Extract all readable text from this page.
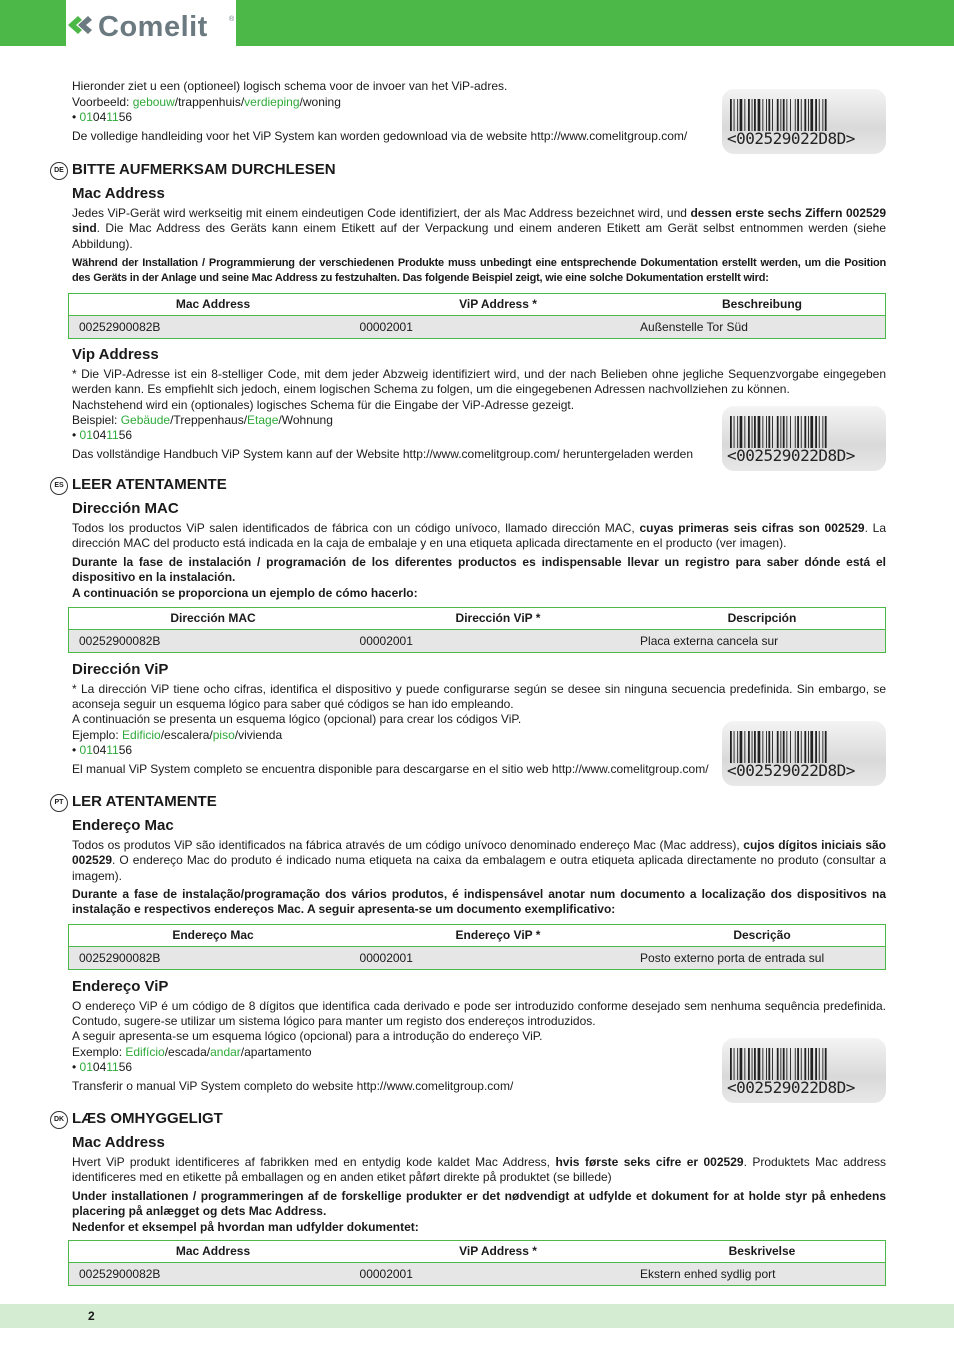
Comelit	®

Hieronder ziet u een (optioneel) logisch schema voor de invoer van het ViP-adres.

Voorbeeld: gebouw/trappenhuis/verdieping/woning

• 01041156

De volledige handleiding voor het ViP System kan worden gedownload via de website http://www.comelitgroup.com/	<002529022D8D>
DE BITTE AUFMERKSAM DURCHLESEN
Mac Address

Jedes ViP-Gerät wird werkseitig mit einem eindeutigen Code identifiziert, der als Mac Address bezeichnet wird, und dessen erste sechs Ziffern 002529 sind. Die Mac Address des Geräts kann einem Etikett auf der Verpackung und einem anderen Etikett am Gerät selbst entnommen werden (siehe Abbildung).

Während der Installation / Programmierung der verschiedenen Produkte muss unbedingt eine entsprechende Dokumentation erstellt werden, um die Position des Geräts in der Anlage und seine Mac Address zu festzuhalten. Das folgende Beispiel zeigt, wie eine solche Dokumentation erstellt wird:

Mac Address	ViP Address *	Beschreibung
00252900082B	00002001	Außenstelle Tor Süd
Vip Address

* Die ViP-Adresse ist ein 8-stelliger Code, mit dem jeder Abzweig identifiziert wird, und der nach Belieben ohne jegliche Sequenzvorgabe eingegeben werden kann. Es empfiehlt sich jedoch, einem logischen Schema zu folgen, um die eingegebenen Adressen nachvollziehen zu können.

Nachstehend wird ein (optionales) logisches Schema für die Eingabe der ViP-Adresse gezeigt.

Beispiel: Gebäude/Treppenhaus/Etage/Wohnung

• 01041156

Das vollständige Handbuch ViP System kann auf der Website http://www.comelitgroup.com/ heruntergeladen werden	<002529022D8D>
ES LEER ATENTAMENTE
Dirección MAC

Todos los productos ViP salen identificados de fábrica con un código unívoco, llamado dirección MAC, cuyas primeras seis cifras son 002529. La dirección MAC del producto está indicada en la caja de embalaje y en una etiqueta aplicada directamente en el producto (ver imagen).

Durante la fase de instalación / programación de los diferentes productos es indispensable llevar un registro para saber dónde está el dispositivo en la instalación.

A continuación se proporciona un ejemplo de cómo hacerlo:

Dirección MAC	Dirección ViP *	Descripción
00252900082B	00002001	Placa externa cancela sur
Dirección ViP

* La dirección ViP tiene ocho cifras, identifica el dispositivo y puede configurarse según se desee sin ninguna secuencia predefinida. Sin embargo, se aconseja seguir un esquema lógico para saber qué códigos se han ido empleando.

A continuación se presenta un esquema lógico (opcional) para crear los códigos ViP.

Ejemplo: Edificio/escalera/piso/vivienda

• 01041156

El manual ViP System completo se encuentra disponible para descargarse en el sitio web http://www.comelitgroup.com/	<002529022D8D>
PT LER ATENTAMENTE
Endereço Mac

Todos os produtos ViP são identificados na fábrica através de um código unívoco denominado endereço Mac (Mac address), cujos dígitos iniciais são 002529. O endereço Mac do produto é indicado numa etiqueta na caixa da embalagem e outra etiqueta aplicada directamente no produto (consultar a imagem).

Durante a fase de instalação/programação dos vários produtos, é indispensável anotar num documento a localização dos dispositivos na instalação e respectivos endereços Mac. A seguir apresenta-se um documento exemplificativo:

Endereço Mac	Endereço ViP *	Descrição
00252900082B	00002001	Posto externo porta de entrada sul
Endereço ViP

O endereço ViP é um código de 8 dígitos que identifica cada derivado e pode ser introduzido conforme desejado sem nenhuma sequência predefinida. Contudo, sugere-se utilizar um sistema lógico para manter um registo dos endereços introduzidos.

A seguir apresenta-se um esquema lógico (opcional) para a introdução do endereço ViP.

Exemplo: Edifício/escada/andar/apartamento

• 01041156

Transferir o manual ViP System completo do website http://www.comelitgroup.com/	<002529022D8D>
DK LÆS OMHYGGELIGT
Mac Address

Hvert ViP produkt identificeres af fabrikken med en entydig kode kaldet Mac Address, hvis første seks cifre er 002529. Produktets Mac address identificeres med en etikette på emballagen og en anden etiket påført direkte på produktet (se billede)

Under installationen / programmeringen af de forskellige produkter er det nødvendigt at udfylde et dokument for at holde styr på enhedens placering på anlægget og dets Mac Address.

Nedenfor et eksempel på hvordan man udfylder dokumentet:

Mac Address	ViP Address *	Beskrivelse
00252900082B	00002001	Ekstern enhed sydlig port
2
